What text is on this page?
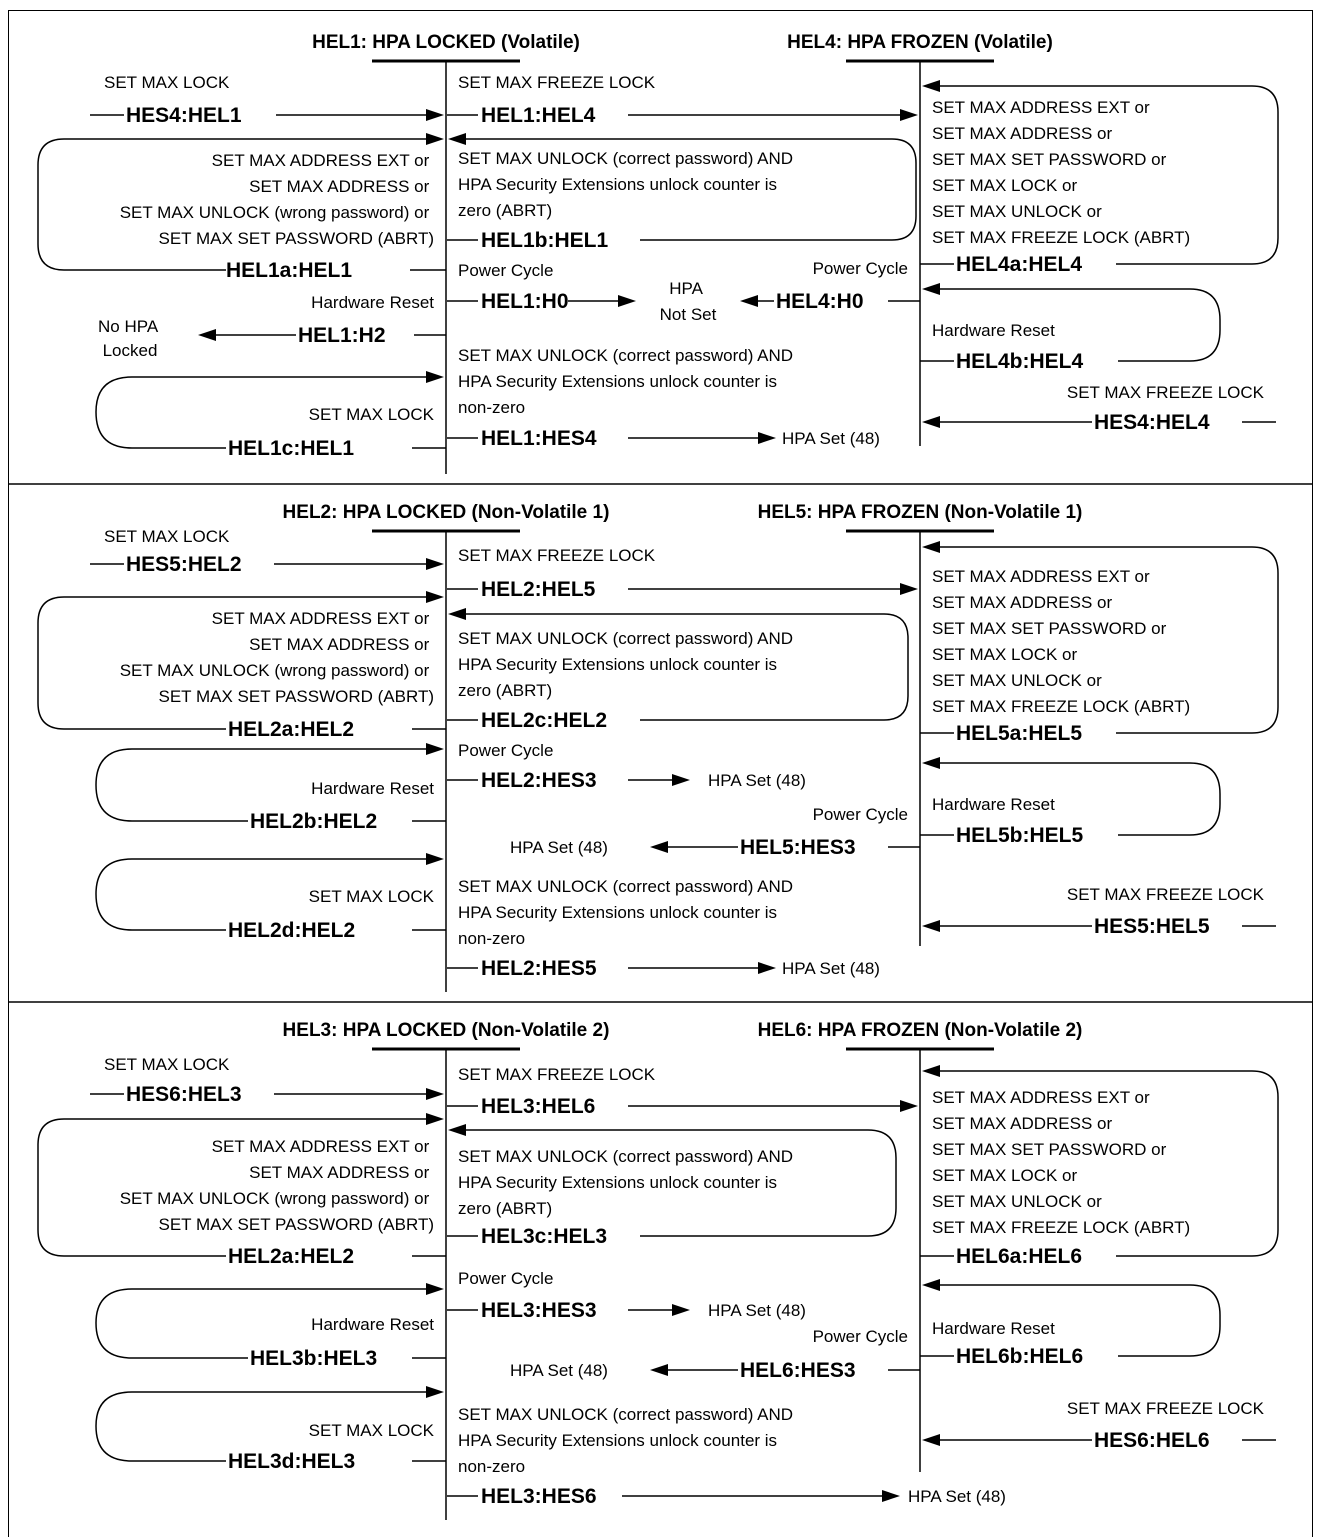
HEL1: HPA LOCKED (Volatile)	HEL4: HPA FROZEN (Volatile)
SET MAX LOCK
HES4:HEL1
SET MAX FREEZE LOCK
HEL1:HEL4
SET MAX ADDRESS EXT or SET MAX ADDRESS or SET MAX UNLOCK (wrong password) or SET MAX SET PASSWORD (ABRT)
HEL1a:HEL1
SET MAX UNLOCK (correct password) AND HPA Security Extensions unlock counter is zero (ABRT)
HEL1b:HEL1
SET MAX ADDRESS EXT or SET MAX ADDRESS or SET MAX SET PASSWORD or SET MAX LOCK or SET MAX UNLOCK or SET MAX FREEZE LOCK (ABRT)
HEL4a:HEL4
Power Cycle
Hardware Reset HEL1:H0
HPA Not Set
HEL4:H0
Power Cycle
Hardware Reset
HEL4b:HEL4
No HPA Locked
HEL1:H2
SET MAX UNLOCK (correct password) AND HPA Security Extensions unlock counter is non-zero
SET MAX LOCK
HEL1c:HEL1	HEL1:HES4	HPA Set (48)
SET MAX FREEZE LOCK
HES4:HEL4
HEL2: HPA LOCKED (Non-Volatile 1)	HEL5: HPA FROZEN (Non-Volatile 1)
SET MAX LOCK
HES5:HEL2	SET MAX FREEZE LOCK
HEL2:HEL5
SET MAX ADDRESS EXT or SET MAX ADDRESS or SET MAX UNLOCK (wrong password) or SET MAX SET PASSWORD (ABRT)
HEL2a:HEL2
SET MAX UNLOCK (correct password) AND HPA Security Extensions unlock counter is zero (ABRT)
HEL2c:HEL2
SET MAX ADDRESS EXT or SET MAX ADDRESS or SET MAX SET PASSWORD or SET MAX LOCK or SET MAX UNLOCK or SET MAX FREEZE LOCK (ABRT)
HEL5a:HEL5
Power Cycle
Hardware Reset HEL2:HES3	HPA Set (48)
HEL2b:HEL2
Hardware Reset
HEL5b:HEL5
Power Cycle
HPA Set (48)	HEL5:HES3
SET MAX LOCK
HEL2d:HEL2
SET MAX UNLOCK (correct password) AND HPA Security Extensions unlock counter is non-zero
SET MAX FREEZE LOCK
HES5:HEL5
HEL2:HES5	HPA Set (48)
HEL3: HPA LOCKED (Non-Volatile 2)	HEL6: HPA FROZEN (Non-Volatile 2)
SET MAX LOCK
HES6:HEL3
SET MAX FREEZE LOCK
HEL3:HEL6
SET MAX ADDRESS EXT or SET MAX ADDRESS or SET MAX UNLOCK (wrong password) or SET MAX SET PASSWORD (ABRT)
HEL2a:HEL2
SET MAX UNLOCK (correct password) AND HPA Security Extensions unlock counter is zero (ABRT)
HEL3c:HEL3
SET MAX ADDRESS EXT or SET MAX ADDRESS or SET MAX SET PASSWORD or SET MAX LOCK or SET MAX UNLOCK or SET MAX FREEZE LOCK (ABRT)
HEL6a:HEL6
Power Cycle
Hardware Reset
HEL3:HES3	HPA Set (48)
HEL3b:HEL3
Hardware Reset
HEL6b:HEL6
Power Cycle
HPA Set (48)	HEL6:HES3
SET MAX LOCK
HEL3d:HEL3
SET MAX UNLOCK (correct password) AND HPA Security Extensions unlock counter is non-zero
SET MAX FREEZE LOCK
HES6:HEL6
HEL3:HES6	HPA Set (48)
